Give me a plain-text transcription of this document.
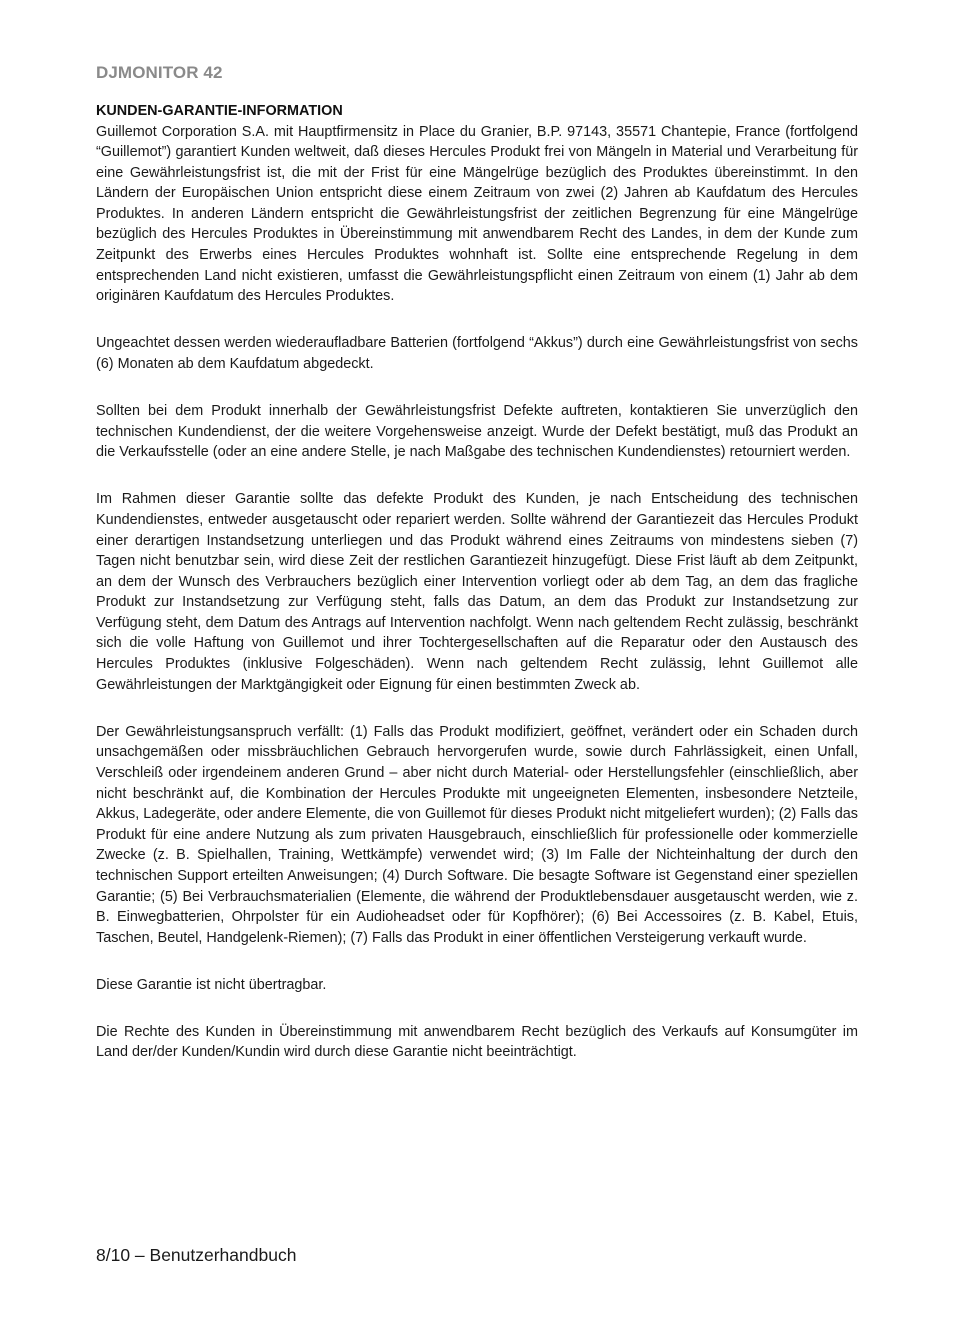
DJMONITOR 42
KUNDEN-GARANTIE-INFORMATION

Guillemot Corporation S.A. mit Hauptfirmensitz in Place du Granier, B.P. 97143, 35571 Chantepie, France (fortfolgend “Guillemot”) garantiert Kunden weltweit, daß dieses Hercules Produkt frei von Mängeln in Material und Verarbeitung für eine Gewährleistungsfrist ist, die mit der Frist für eine Mängelrüge bezüglich des Produktes übereinstimmt. In den Ländern der Europäischen Union entspricht diese einem Zeitraum von zwei (2) Jahren ab Kaufdatum des Hercules Produktes. In anderen Ländern entspricht die Gewährleistungsfrist der zeitlichen Begrenzung für eine Mängelrüge bezüglich des Hercules Produktes in Übereinstimmung mit anwendbarem Recht des Landes, in dem der Kunde zum Zeitpunkt des Erwerbs eines Hercules Produktes wohnhaft ist. Sollte eine entsprechende Regelung in dem entsprechenden Land nicht existieren, umfasst die Gewährleistungspflicht einen Zeitraum von einem (1) Jahr ab dem originären Kaufdatum des Hercules Produktes.

Ungeachtet dessen werden wiederaufladbare Batterien (fortfolgend “Akkus”) durch eine Gewährleistungsfrist von sechs (6) Monaten ab dem Kaufdatum abgedeckt.

Sollten bei dem Produkt innerhalb der Gewährleistungsfrist Defekte auftreten, kontaktieren Sie unverzüglich den technischen Kundendienst, der die weitere Vorgehensweise anzeigt. Wurde der Defekt bestätigt, muß das Produkt an die Verkaufsstelle (oder an eine andere Stelle, je nach Maßgabe des technischen Kundendienstes) retourniert werden.

Im Rahmen dieser Garantie sollte das defekte Produkt des Kunden, je nach Entscheidung des technischen Kundendienstes, entweder ausgetauscht oder repariert werden. Sollte während der Garantiezeit das Hercules Produkt einer derartigen Instandsetzung unterliegen und das Produkt während eines Zeitraums von mindestens sieben (7) Tagen nicht benutzbar sein, wird diese Zeit der restlichen Garantiezeit hinzugefügt. Diese Frist läuft ab dem Zeitpunkt, an dem der Wunsch des Verbrauchers bezüglich einer Intervention vorliegt oder ab dem Tag, an dem das fragliche Produkt zur Instandsetzung zur Verfügung steht, falls das Datum, an dem das Produkt zur Instandsetzung zur Verfügung steht, dem Datum des Antrags auf Intervention nachfolgt. Wenn nach geltendem Recht zulässig, beschränkt sich die volle Haftung von Guillemot und ihrer Tochtergesellschaften auf die Reparatur oder den Austausch des Hercules Produktes (inklusive Folgeschäden). Wenn nach geltendem Recht zulässig, lehnt Guillemot alle Gewährleistungen der Marktgängigkeit oder Eignung für einen bestimmten Zweck ab.

Der Gewährleistungsanspruch verfällt: (1) Falls das Produkt modifiziert, geöffnet, verändert oder ein Schaden durch unsachgemäßen oder missbräuchlichen Gebrauch hervorgerufen wurde, sowie durch Fahrlässigkeit, einen Unfall, Verschleiß oder irgendeinem anderen Grund – aber nicht durch Material- oder Herstellungsfehler (einschließlich, aber nicht beschränkt auf, die Kombination der Hercules Produkte mit ungeeigneten Elementen, insbesondere Netzteile, Akkus, Ladegeräte, oder andere Elemente, die von Guillemot für dieses Produkt nicht mitgeliefert wurden); (2) Falls das Produkt für eine andere Nutzung als zum privaten Hausgebrauch, einschließlich für professionelle oder kommerzielle Zwecke (z. B. Spielhallen, Training, Wettkämpfe) verwendet wird; (3) Im Falle der Nichteinhaltung der durch den technischen Support erteilten Anweisungen; (4) Durch Software. Die besagte Software ist Gegenstand einer speziellen Garantie; (5) Bei Verbrauchsmaterialien (Elemente, die während der Produktlebensdauer ausgetauscht werden, wie z. B. Einwegbatterien, Ohrpolster für ein Audioheadset oder für Kopfhörer); (6) Bei Accessoires (z. B. Kabel, Etuis, Taschen, Beutel, Handgelenk-Riemen); (7) Falls das Produkt in einer öffentlichen Versteigerung verkauft wurde.

Diese Garantie ist nicht übertragbar.

Die Rechte des Kunden in Übereinstimmung mit anwendbarem Recht bezüglich des Verkaufs auf Konsumgüter im Land der/der Kunden/Kundin wird durch diese Garantie nicht beeinträchtigt.

8/10 – Benutzerhandbuch
